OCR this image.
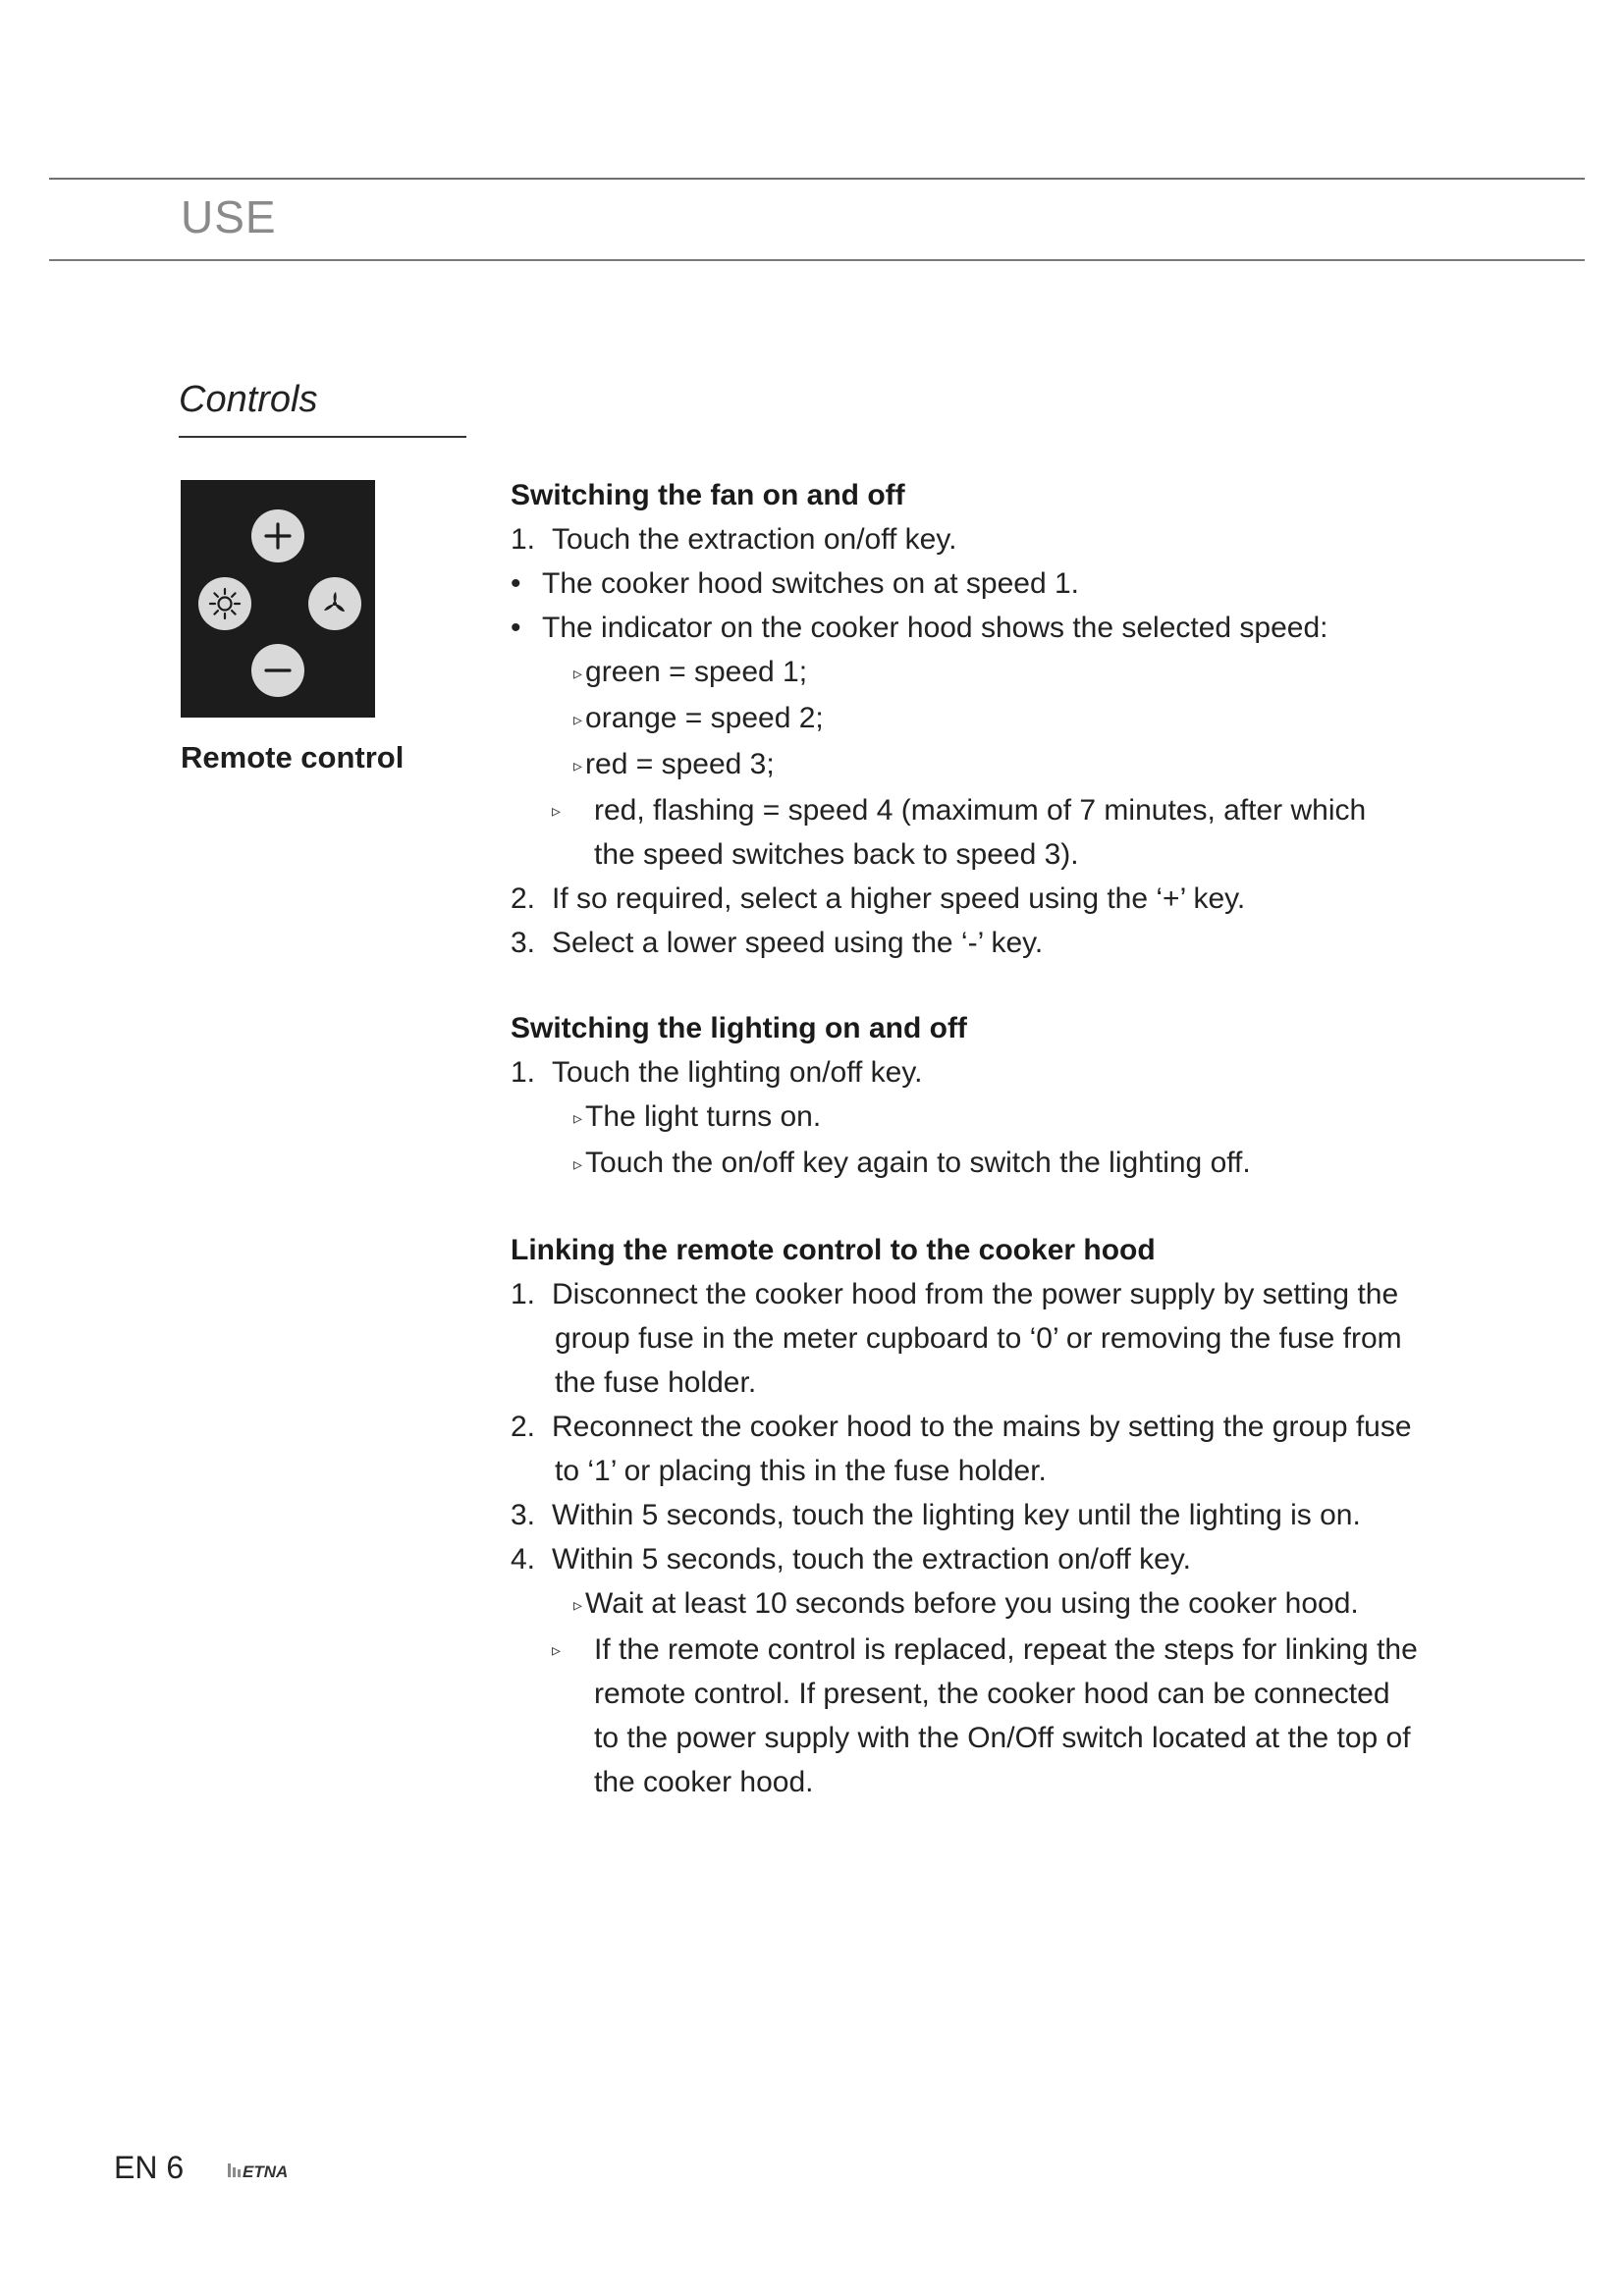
USE
Controls

Remote control

Switching the fan on and off
1. Touch the extraction on/off key.
• The cooker hood switches on at speed 1.
• The indicator on the cooker hood shows the selected speed:
▹ green = speed 1;
▹ orange = speed 2;
▹ red = speed 3;
▹ red, flashing = speed 4 (maximum of 7 minutes, after which
the speed switches back to speed 3).
2. If so required, select a higher speed using the ‘+’ key.
3. Select a lower speed using the ‘-’ key.
Switching the lighting on and off
1. Touch the lighting on/off key.
▹ The light turns on.
▹ Touch the on/off key again to switch the lighting off.
Linking the remote control to the cooker hood
1. Disconnect the cooker hood from the power supply by setting the
group fuse in the meter cupboard to ‘0’ or removing the fuse from
the fuse holder.
2. Reconnect the cooker hood to the mains by setting the group fuse
to ‘1’ or placing this in the fuse holder.
3. Within 5 seconds, touch the lighting key until the lighting is on.
4. Within 5 seconds, touch the extraction on/off key.
▹ Wait at least 10 seconds before you using the cooker hood.
▹ If the remote control is replaced, repeat the steps for linking the
remote control. If present, the cooker hood can be connected
to the power supply with the On/Off switch located at the top of
the cooker hood.

EN 6	ETNA
